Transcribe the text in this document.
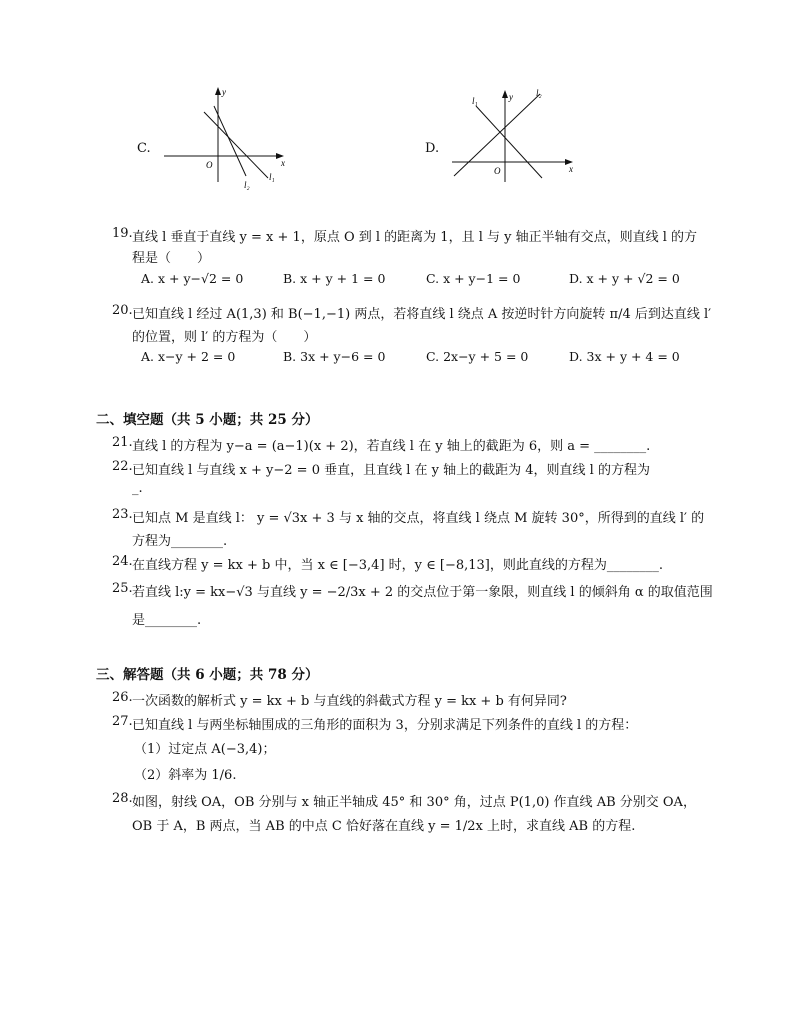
C.
y
x
O
l₁
l₂
D.
y
x
O
l₁
l₂
19. 直线 l 垂直于直线 y = x + 1，原点 O 到 l 的距离为 1，且 l 与 y 轴正半轴有交点，则直线 l 的方
程是（　　）
A. x + y−√2 = 0	B. x + y + 1 = 0	C. x + y−1 = 0	D. x + y + √2 = 0
20. 已知直线 l 经过 A(1,3) 和 B(−1,−1) 两点，若将直线 l 绕点 A 按逆时针方向旋转 π/4 后到达直线 l′
的位置，则 l′ 的方程为（　　）
A. x−y + 2 = 0	B. 3x + y−6 = 0	C. 2x−y + 5 = 0	D. 3x + y + 4 = 0
二、填空题（共 5 小题；共 25 分）
21. 直线 l 的方程为 y−a = (a−1)(x + 2)，若直线 l 在 y 轴上的截距为 6，则 a = ________.
22. 已知直线 l 与直线 x + y−2 = 0 垂直，且直线 l 在 y 轴上的截距为 4，则直线 l 的方程为
_.
23. 已知点 M 是直线 l： y = √3x + 3 与 x 轴的交点，将直线 l 绕点 M 旋转 30°，所得到的直线 l′ 的
方程为________.
24. 在直线方程 y = kx + b 中，当 x ∈ [−3,4] 时，y ∈ [−8,13]，则此直线的方程为________.
25. 若直线 l:y = kx−√3 与直线 y = −2/3x + 2 的交点位于第一象限，则直线 l 的倾斜角 α 的取值范围
是________.
三、解答题（共 6 小题；共 78 分）
26. 一次函数的解析式 y = kx + b 与直线的斜截式方程 y = kx + b 有何异同?
27. 已知直线 l 与两坐标轴围成的三角形的面积为 3，分别求满足下列条件的直线 l 的方程：
（1）过定点 A(−3,4)；
（2）斜率为 1/6.
28. 如图，射线 OA，OB 分别与 x 轴正半轴成 45° 和 30° 角，过点 P(1,0) 作直线 AB 分别交 OA，
OB 于 A，B 两点，当 AB 的中点 C 恰好落在直线 y = 1/2x 上时，求直线 AB 的方程.
